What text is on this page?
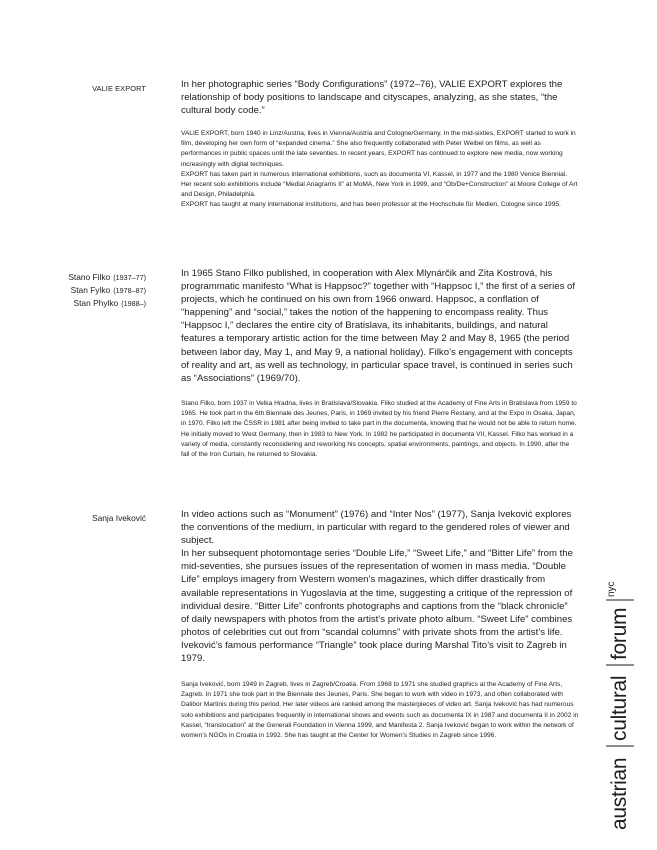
VALIE EXPORT	In her photographic series “Body Configurations” (1972–76), VALIE EXPORT explores the relationship of body positions to landscape and cityscapes, analyzing, as she states, “the cultural body code.”

VALIE EXPORT, born 1940 in Linz/Austria, lives in Vienna/Austria and Cologne/Germany. In the mid-sixties, EXPORT started to work in film, developing her own form of “expanded cinema.” She also frequently collaborated with Peter Weibel on films, as well as performances in public spaces until the late seventies. In recent years, EXPORT has continued to explore new media, now working increasingly with digital techniques.

EXPORT has taken part in numerous international exhibitions, such as documenta VI, Kassel, in 1977 and the 1980 Venice Biennial. Her recent solo exhibitions include “Medial Anagrams II” at MoMA, New York in 1999, and “Ob/De+Construction” at Moore College of Art and Design, Philadelphia.

EXPORT has taught at many international institutions, and has been professor at the Hochschule für Medien, Cologne since 1995.

Stano Filko (1937–77)
Stan Fylko (1978–87)
Stan Phylko (1988–)

In 1965 Stano Filko published, in cooperation with Alex Mlynárčik and Zita Kostrová, his programmatic manifesto “What is Happsoc?” together with “Happsoc I,” the first of a series of projects, which he continued on his own from 1966 onward. Happsoc, a conflation of “happening” and “social,” takes the notion of the happening to encompass reality. Thus “Happsoc I,” declares the entire city of Bratislava, its inhabitants, buildings, and natural features a temporary artistic action for the time between May 2 and May 8, 1965 (the period between labor day, May 1, and May 9, a national holiday). Filko’s engagement with concepts of reality and art, as well as technology, in particular space travel, is continued in series such as “Associations” (1969/70).

Stano Filko, born 1937 in Velka Hradna, lives in Bratislava/Slovakia. Filko studied at the Academy of Fine Arts in Bratislava from 1959 to 1965. He took part in the 6th Biennale des Jeunes, Paris, in 1969 invited by his friend Pierre Restany, and at the Expo in Osaka, Japan, in 1970. Filko left the ČSSR in 1981 after being invited to take part in the documenta, knowing that he would not be able to return home. He initially moved to West Germany, then in 1983 to New York. In 1982 he participated in documenta VII, Kassel. Filko has worked in a variety of media, constantly reconsidering and reworking his concepts, spatial environments, paintings, and objects. In 1990, after the fall of the Iron Curtain, he returned to Slovakia.

Sanja Iveković	In video actions such as “Monument” (1976) and “Inter Nos” (1977), Sanja Iveković explores the conventions of the medium, in particular with regard to the gendered roles of viewer and subject.

In her subsequent photomontage series “Double Life,” “Sweet Life,” and “Bitter Life” from the mid-seventies, she pursues issues of the representation of women in mass media. “Double Life” employs imagery from Western women’s magazines, which differ drastically from available representations in Yugoslavia at the time, suggesting a critique of the repression of individual desire. “Bitter Life” confronts photographs and captions from the “black chronicle” of daily newspapers with photos from the artist’s private photo album. “Sweet Life” combines photos of celebrities cut out from “scandal columns” with private shots from the artist’s life. Iveković’s famous performance “Triangle” took place during Marshal Tito’s visit to Zagreb in 1979.

Sanja Iveković, born 1949 in Zagreb, lives in Zagreb/Croatia. From 1968 to 1971 she studied graphics at the Academy of Fine Arts, Zagreb. In 1971 she took part in the Biennale des Jeunes, Paris. She began to work with video in 1973, and often collaborated with Dalibor Martinis during this period. Her later videos are ranked among the masterpieces of video art. Sanja Iveković has had numerous solo exhibitions and participates frequently in international shows and events such as documenta IX in 1987 and documenta II in 2002 in Kassel, “translocation” at the Generali Foundation in Vienna 1999, and Manifesta 2. Sanja Iveković began to work within the network of women’s NGOs in Croatia in 1992. She has taught at the Center for Women’s Studies in Zagreb since 1996.

austrian
cultural
forum
nyc
